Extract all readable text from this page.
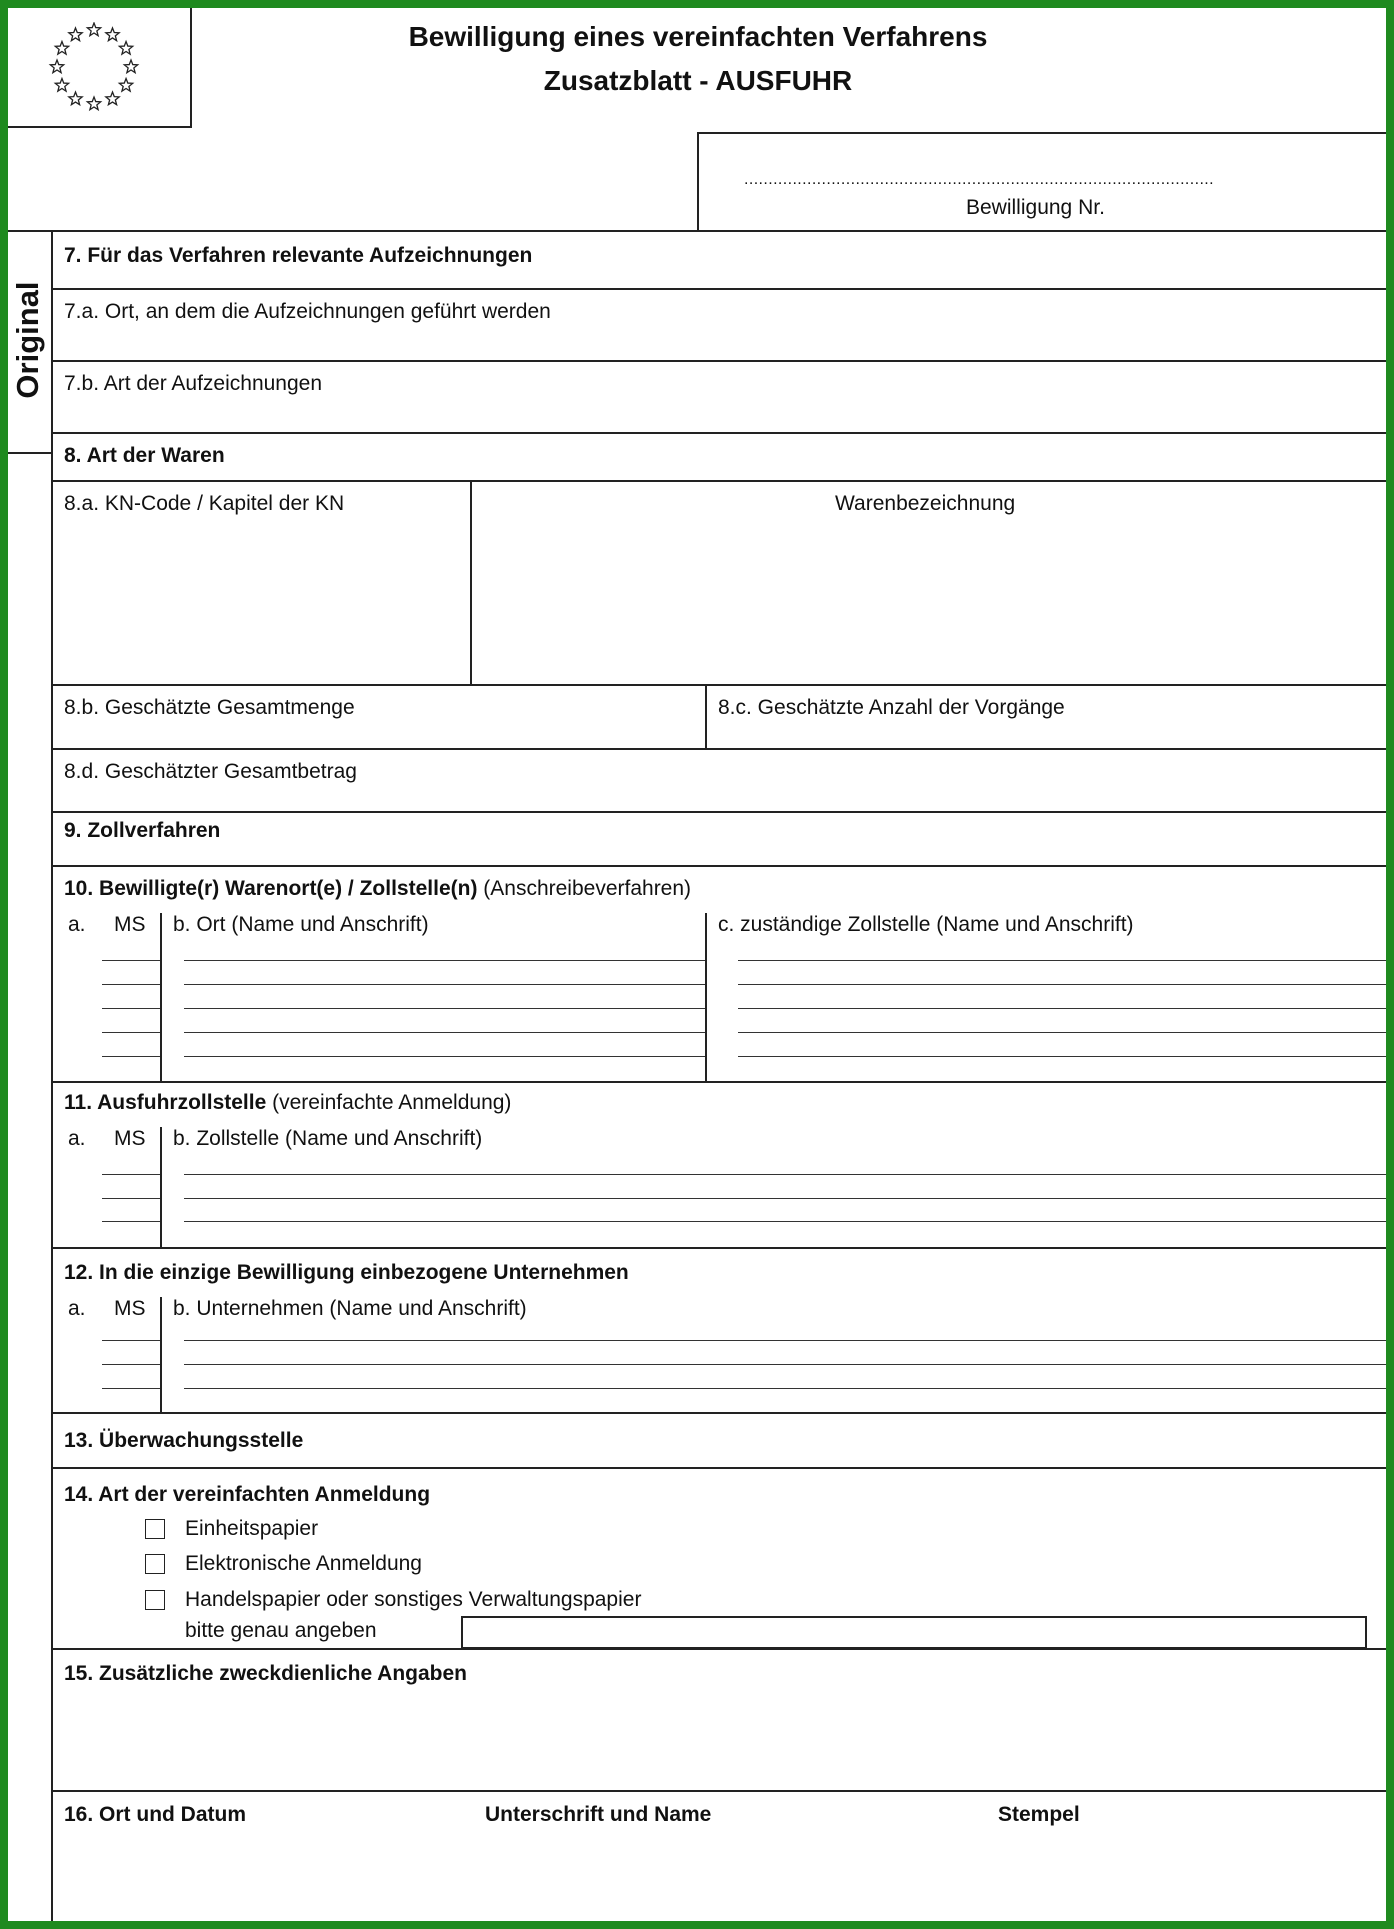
Bewilligung eines vereinfachten Verfahrens
Zusatzblatt - AUSFUHR
.................................................................................................
Bewilligung Nr.
Original
7. Für das Verfahren relevante Aufzeichnungen
7.a. Ort, an dem die Aufzeichnungen geführt werden
7.b. Art der Aufzeichnungen
8. Art der Waren
8.a. KN-Code / Kapitel der KN	Warenbezeichnung
8.b. Geschätzte Gesamtmenge	8.c. Geschätzte Anzahl der Vorgänge
8.d. Geschätzter Gesamtbetrag
9. Zollverfahren
10. Bewilligte(r) Warenort(e) / Zollstelle(n) (Anschreibeverfahren)
a. MS b. Ort (Name und Anschrift)	c. zuständige Zollstelle (Name und Anschrift)
11. Ausfuhrzollstelle (vereinfachte Anmeldung)
a. MS b. Zollstelle (Name und Anschrift)
12. In die einzige Bewilligung einbezogene Unternehmen
a. MS b. Unternehmen (Name und Anschrift)
13. Überwachungsstelle
14. Art der vereinfachten Anmeldung
Einheitspapier
Elektronische Anmeldung
Handelspapier oder sonstiges Verwaltungspapier
bitte genau angeben
15. Zusätzliche zweckdienliche Angaben
16. Ort und Datum	Unterschrift und Name	Stempel
